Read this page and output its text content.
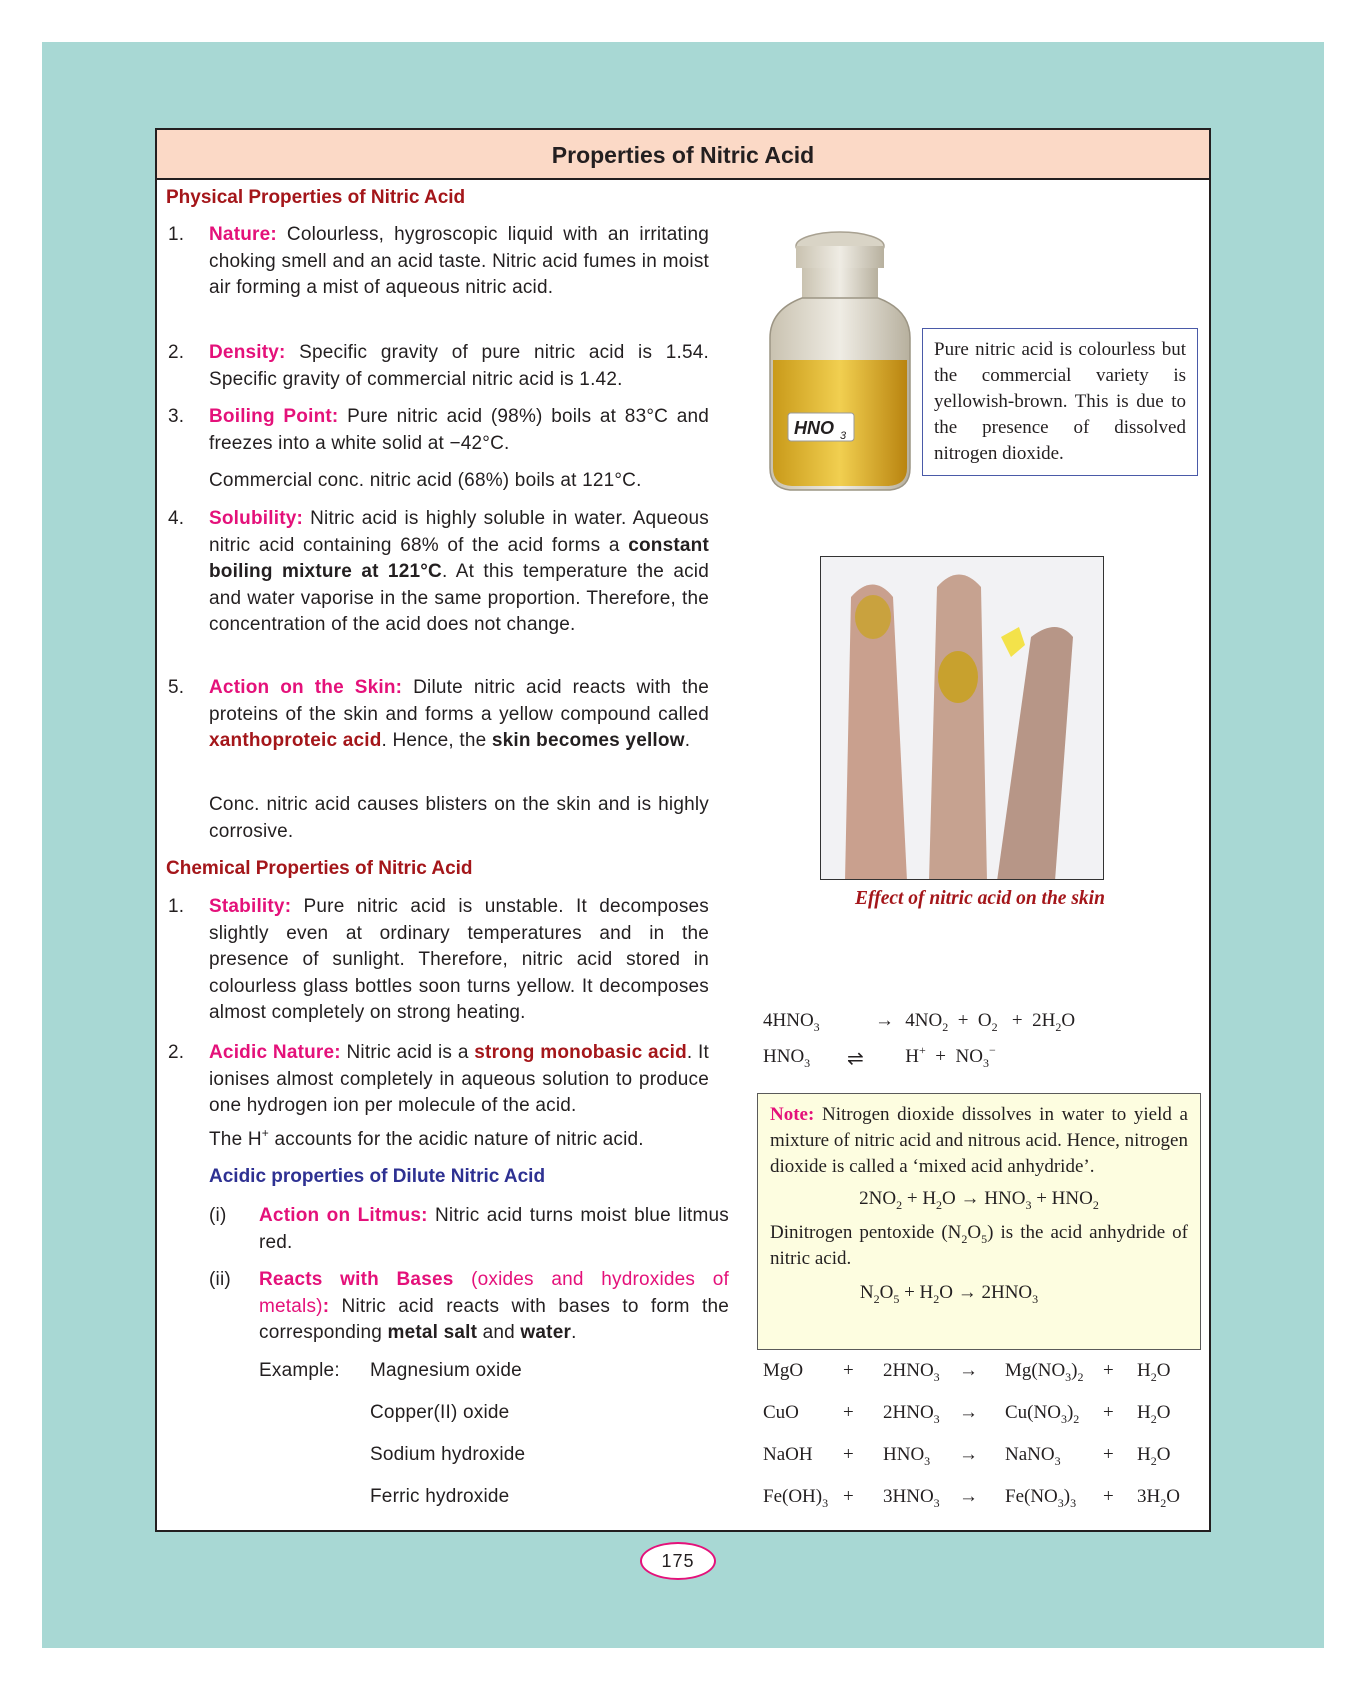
Properties of Nitric Acid
Physical Properties of Nitric Acid
1. Nature: Colourless, hygroscopic liquid with an irritating choking smell and an acid taste. Nitric acid fumes in moist air forming a mist of aqueous nitric acid.
2. Density: Specific gravity of pure nitric acid is 1.54. Specific gravity of commercial nitric acid is 1.42.
3. Boiling Point: Pure nitric acid (98%) boils at 83°C and freezes into a white solid at −42°C.
Commercial conc. nitric acid (68%) boils at 121°C.
4. Solubility: Nitric acid is highly soluble in water. Aqueous nitric acid containing 68% of the acid forms a constant boiling mixture at 121°C. At this temperature the acid and water vaporise in the same proportion. Therefore, the concentration of the acid does not change.
5. Action on the Skin: Dilute nitric acid reacts with the proteins of the skin and forms a yellow compound called xanthoproteic acid. Hence, the skin becomes yellow.
Conc. nitric acid causes blisters on the skin and is highly corrosive.
Chemical Properties of Nitric Acid
1. Stability: Pure nitric acid is unstable. It decomposes slightly even at ordinary temperatures and in the presence of sunlight. Therefore, nitric acid stored in colourless glass bottles soon turns yellow. It decomposes almost completely on strong heating.
2. Acidic Nature: Nitric acid is a strong monobasic acid. It ionises almost completely in aqueous solution to produce one hydrogen ion per molecule of the acid.
The H+ accounts for the acidic nature of nitric acid.
Acidic properties of Dilute Nitric Acid
(i) Action on Litmus: Nitric acid turns moist blue litmus red.
(ii) Reacts with Bases (oxides and hydroxides of metals): Nitric acid reacts with bases to form the corresponding metal salt and water.
Example: Magnesium oxide
Copper(II) oxide
Sodium hydroxide
Ferric hydroxide
HNO 3
Pure nitric acid is colourless but the commercial variety is yellowish-brown. This is due to the presence of dissolved nitrogen dioxide.
Effect of nitric acid on the skin
$4HNO_3$	→
$4NO_2 + O_2 + 2H_2O$
$HNO_3$ ⇌ $H^+ + NO_3^-$
Note: Nitrogen dioxide dissolves in water to yield a mixture of nitric acid and nitrous acid. Hence, nitrogen dioxide is called a ‘mixed acid anhydride’.
$2NO_2 + H_2O \to HNO_3 + HNO_2$
Dinitrogen pentoxide $(N_2O_5)$ is the acid anhydride of nitric acid.
$N_2O_5 + H_2O \to 2HNO_3$
MgO + $2HNO_3 \to Mg(NO_3)_2 + H_2O$
CuO + $2HNO_3 \to Cu(NO_3)_2 + H_2O$
NaOH + $HNO_3$ → NaNO$_3$ + $H_2O$
$Fe(OH)_3 + 3HNO_3 \to Fe(NO_3)_3 + 3H_2O$
175
